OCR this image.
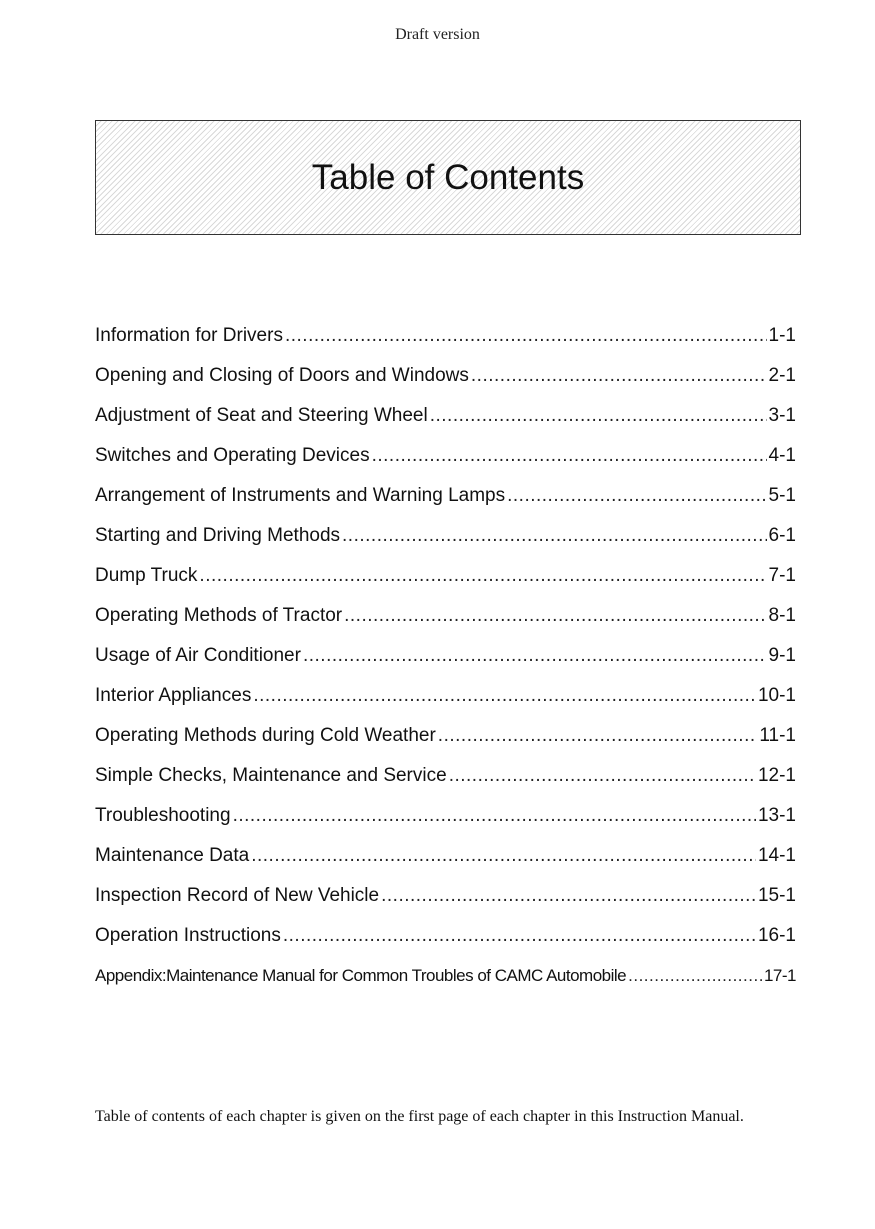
Draft version
Table of Contents
Information for Drivers .....	1-1
Opening and Closing of Doors and Windows .....	2-1
Adjustment of Seat and Steering Wheel .....	3-1
Switches and Operating Devices .....	4-1
Arrangement of Instruments and Warning Lamps .....	5-1
Starting and Driving Methods .....	6-1
Dump Truck .....	7-1
Operating Methods of Tractor .....	8-1
Usage of Air Conditioner .....	9-1
Interior Appliances .....	10-1
Operating Methods during Cold Weather .....	11-1
Simple Checks, Maintenance and Service .....	12-1
Troubleshooting .....	13-1
Maintenance Data .....	14-1
Inspection Record of New Vehicle .....	15-1
Operation Instructions .....	16-1
Appendix:Maintenance Manual for Common Troubles of CAMC Automobile .....	17-1
Table of contents of each chapter is given on the first page of each chapter in this Instruction Manual.
